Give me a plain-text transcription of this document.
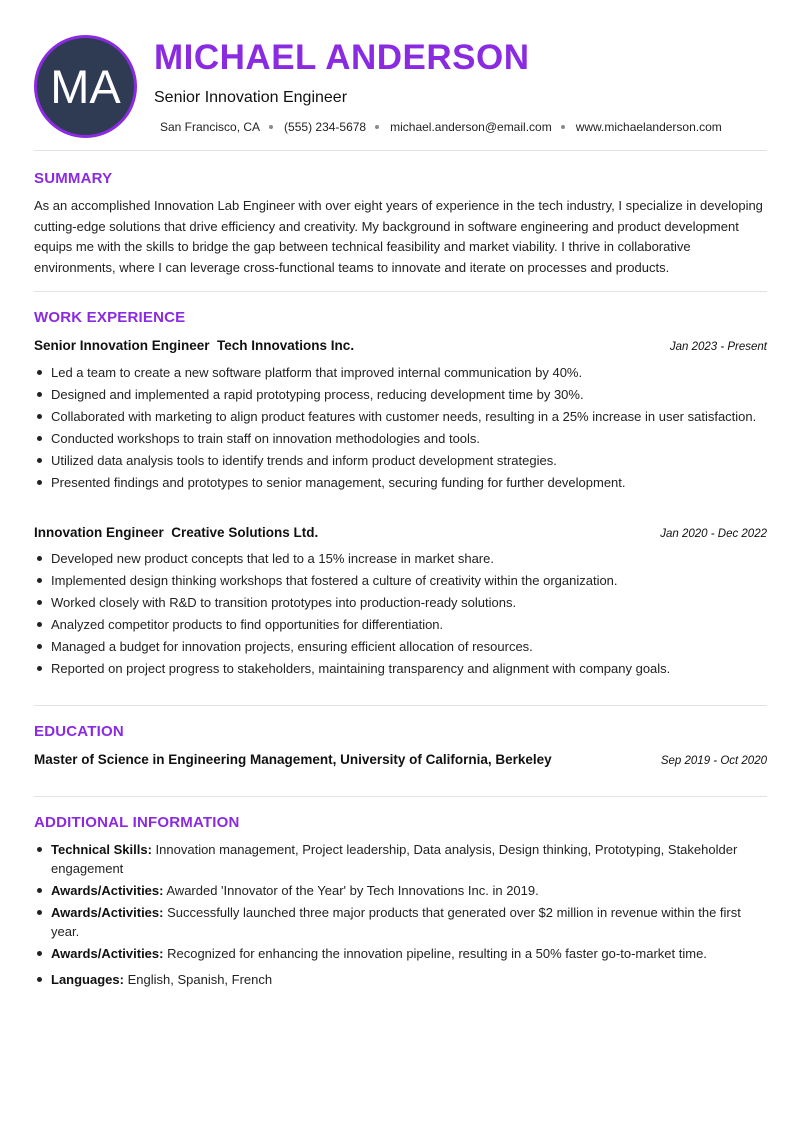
MA
MICHAEL ANDERSON
Senior Innovation Engineer
San Francisco, CA (555) 234-5678 michael.anderson@email.com www.michaelanderson.com
SUMMARY

As an accomplished Innovation Lab Engineer with over eight years of experience in the tech industry, I specialize in developing cutting-edge solutions that drive efficiency and creativity. My background in software engineering and product development equips me with the skills to bridge the gap between technical feasibility and market viability. I thrive in collaborative environments, where I can leverage cross-functional teams to innovate and iterate on processes and products.

WORK EXPERIENCE
Senior Innovation Engineer Tech Innovations Inc.	Jan 2023 - Present
Led a team to create a new software platform that improved internal communication by 40%.
Designed and implemented a rapid prototyping process, reducing development time by 30%.
Collaborated with marketing to align product features with customer needs, resulting in a 25% increase in user satisfaction.
Conducted workshops to train staff on innovation methodologies and tools.
Utilized data analysis tools to identify trends and inform product development strategies.
Presented findings and prototypes to senior management, securing funding for further development.
Innovation Engineer Creative Solutions Ltd.	Jan 2020 - Dec 2022
Developed new product concepts that led to a 15% increase in market share.
Implemented design thinking workshops that fostered a culture of creativity within the organization.
Worked closely with R&D to transition prototypes into production-ready solutions.
Analyzed competitor products to find opportunities for differentiation.
Managed a budget for innovation projects, ensuring efficient allocation of resources.
Reported on project progress to stakeholders, maintaining transparency and alignment with company goals.
EDUCATION
Master of Science in Engineering Management, University of California, Berkeley	Sep 2019 - Oct 2020
ADDITIONAL INFORMATION
Technical Skills: Innovation management, Project leadership, Data analysis, Design thinking, Prototyping, Stakeholder engagement
Awards/Activities: Awarded 'Innovator of the Year' by Tech Innovations Inc. in 2019.
Awards/Activities: Successfully launched three major products that generated over $2 million in revenue within the first year.
Awards/Activities: Recognized for enhancing the innovation pipeline, resulting in a 50% faster go-to-market time.
Languages: English, Spanish, French
